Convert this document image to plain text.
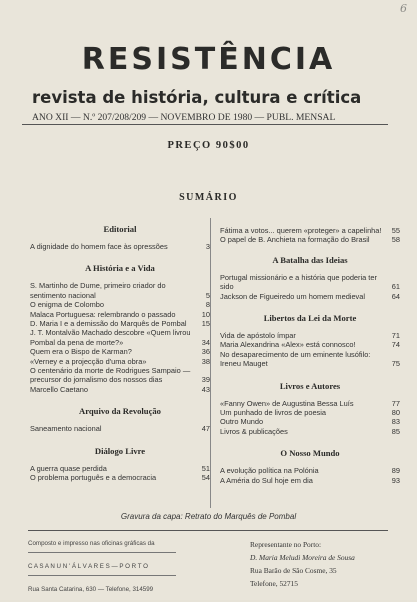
6
RESISTÊNCIA
revista de história, cultura e crítica
ANO XII — N.º 207/208/209 — NOVEMBRO DE 1980 — PUBL. MENSAL
PREÇO 90$00
SUMÁRIO
Editorial
A dignidade do homem face às opressões	3
A História e a Vida
S. Martinho de Dume, primeiro criador do sentimento nacional	5
O enigma de Colombo	8
Malaca Portuguesa: relembrando o passado	10
D. Maria I e a demissão do Marquês de Pombal	15
J. T. Montalvão Machado descobre «Quem livrou Pombal da pena de morte?»	34
Quem era o Bispo de Karman?	36
«Verney e a projecção d'uma obra»	38
O centenário da morte de Rodrigues Sampaio — precursor do jornalismo dos nossos dias	39
Marcello Caetano	43
Arquivo da Revolução
Saneamento nacional	47
Diálogo Livre
A guerra quase perdida	51
O problema português e a democracia	54
Fátima a votos... querem «proteger» a capelinha!	55
O papel de B. Anchieta na formação do Brasil	58
A Batalha das Ideias
Portugal missionário e a história que poderia ter sido	61
Jackson de Figueiredo um homem medieval	64
Libertos da Lei da Morte
Vida de apóstolo ímpar	71
Maria Alexandrina «Alex» está connosco!	74
No desaparecimento de um eminente lusófilo: Ireneu Mauget	75
Livros e Autores
«Fanny Owen» de Augustina Bessa Luís	77
Um punhado de livros de poesia	80
Outro Mundo	83
Livros & publicações	85
O Nosso Mundo
A evolução política na Polónia	89
A Améria do Sul hoje em dia	93
Gravura da capa: Retrato do Marquês de Pombal
Composto e impresso nas oficinas gráficas da
C A S A N U N ' Á L V A R E S — P O R T O
Rua Santa Catarina, 630 — Telefone, 314599
Representante no Porto:
D. Maria Meludi Moreira de Sousa
Rua Barão de São Cosme, 35
Telefone, 52715
